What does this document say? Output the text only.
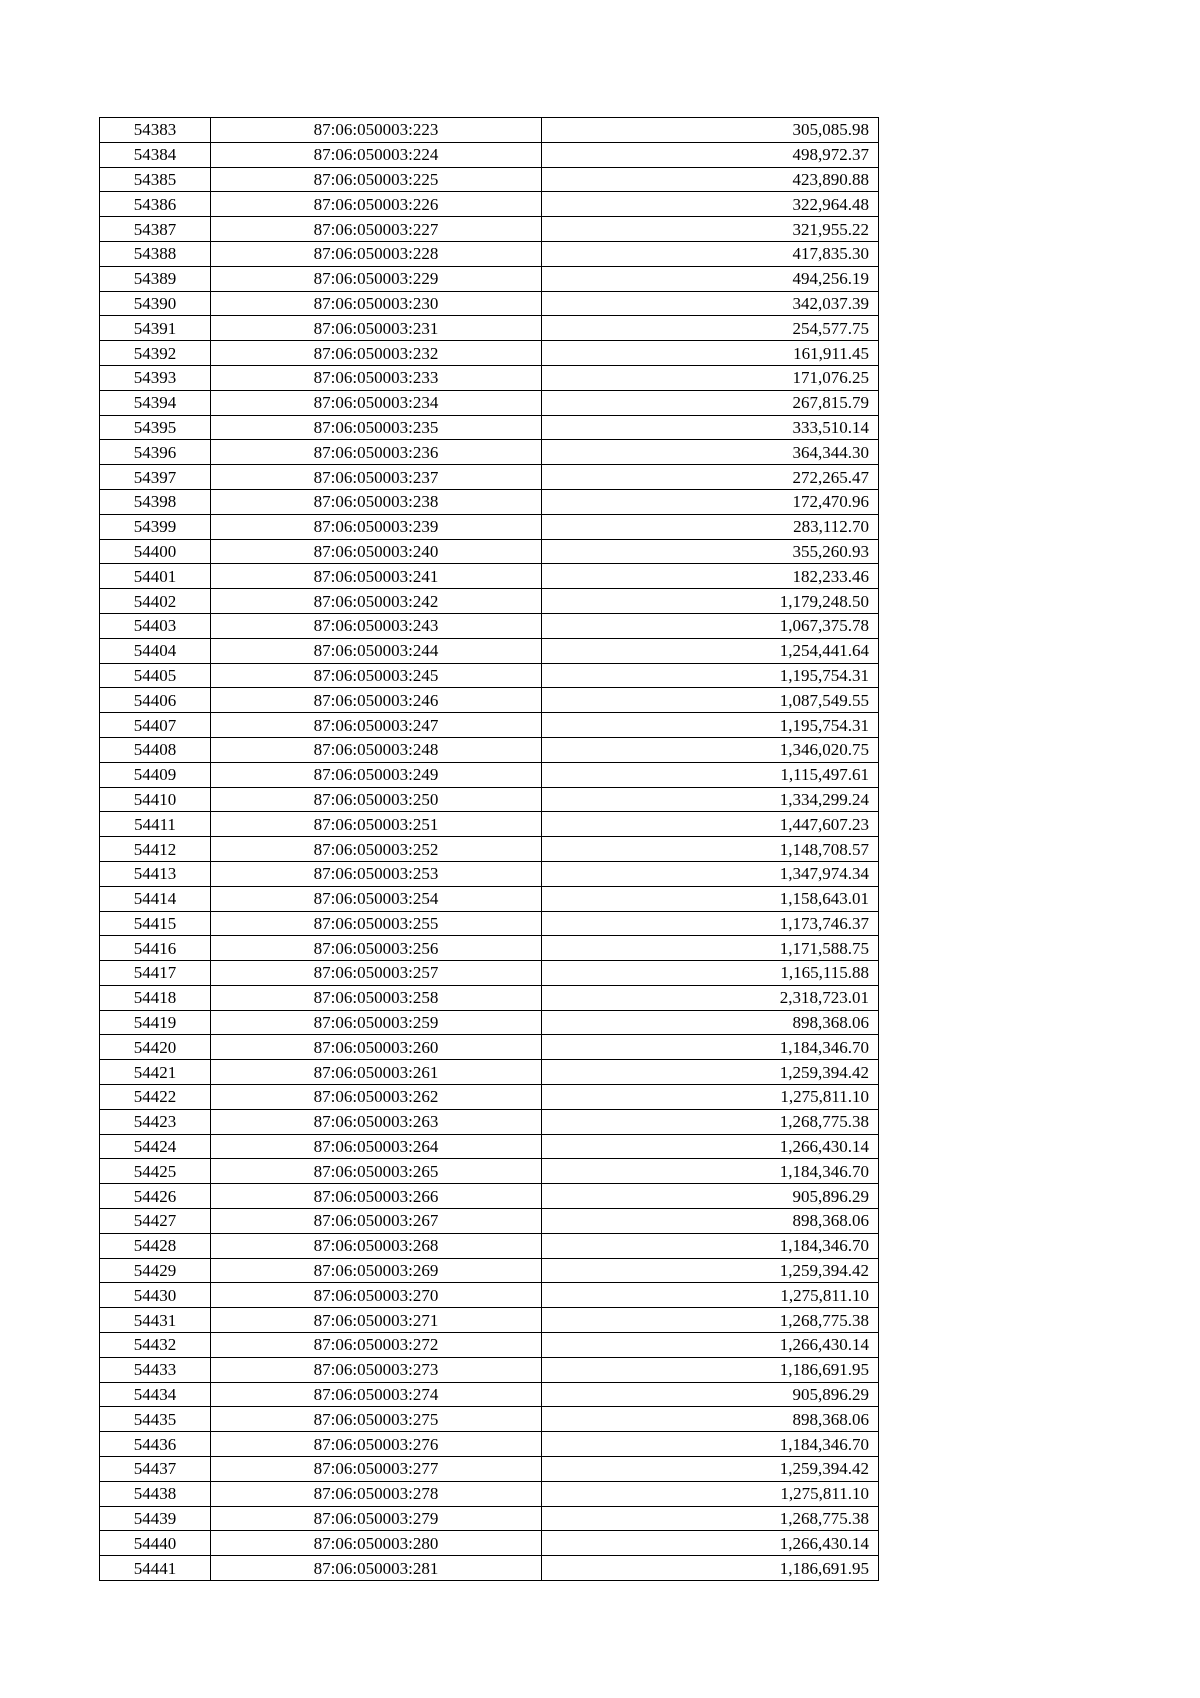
54383	87:06:050003:223	305,085.98
54384	87:06:050003:224	498,972.37
54385	87:06:050003:225	423,890.88
54386	87:06:050003:226	322,964.48
54387	87:06:050003:227	321,955.22
54388	87:06:050003:228	417,835.30
54389	87:06:050003:229	494,256.19
54390	87:06:050003:230	342,037.39
54391	87:06:050003:231	254,577.75
54392	87:06:050003:232	161,911.45
54393	87:06:050003:233	171,076.25
54394	87:06:050003:234	267,815.79
54395	87:06:050003:235	333,510.14
54396	87:06:050003:236	364,344.30
54397	87:06:050003:237	272,265.47
54398	87:06:050003:238	172,470.96
54399	87:06:050003:239	283,112.70
54400	87:06:050003:240	355,260.93
54401	87:06:050003:241	182,233.46
54402	87:06:050003:242	1,179,248.50
54403	87:06:050003:243	1,067,375.78
54404	87:06:050003:244	1,254,441.64
54405	87:06:050003:245	1,195,754.31
54406	87:06:050003:246	1,087,549.55
54407	87:06:050003:247	1,195,754.31
54408	87:06:050003:248	1,346,020.75
54409	87:06:050003:249	1,115,497.61
54410	87:06:050003:250	1,334,299.24
54411	87:06:050003:251	1,447,607.23
54412	87:06:050003:252	1,148,708.57
54413	87:06:050003:253	1,347,974.34
54414	87:06:050003:254	1,158,643.01
54415	87:06:050003:255	1,173,746.37
54416	87:06:050003:256	1,171,588.75
54417	87:06:050003:257	1,165,115.88
54418	87:06:050003:258	2,318,723.01
54419	87:06:050003:259	898,368.06
54420	87:06:050003:260	1,184,346.70
54421	87:06:050003:261	1,259,394.42
54422	87:06:050003:262	1,275,811.10
54423	87:06:050003:263	1,268,775.38
54424	87:06:050003:264	1,266,430.14
54425	87:06:050003:265	1,184,346.70
54426	87:06:050003:266	905,896.29
54427	87:06:050003:267	898,368.06
54428	87:06:050003:268	1,184,346.70
54429	87:06:050003:269	1,259,394.42
54430	87:06:050003:270	1,275,811.10
54431	87:06:050003:271	1,268,775.38
54432	87:06:050003:272	1,266,430.14
54433	87:06:050003:273	1,186,691.95
54434	87:06:050003:274	905,896.29
54435	87:06:050003:275	898,368.06
54436	87:06:050003:276	1,184,346.70
54437	87:06:050003:277	1,259,394.42
54438	87:06:050003:278	1,275,811.10
54439	87:06:050003:279	1,268,775.38
54440	87:06:050003:280	1,266,430.14
54441	87:06:050003:281	1,186,691.95
